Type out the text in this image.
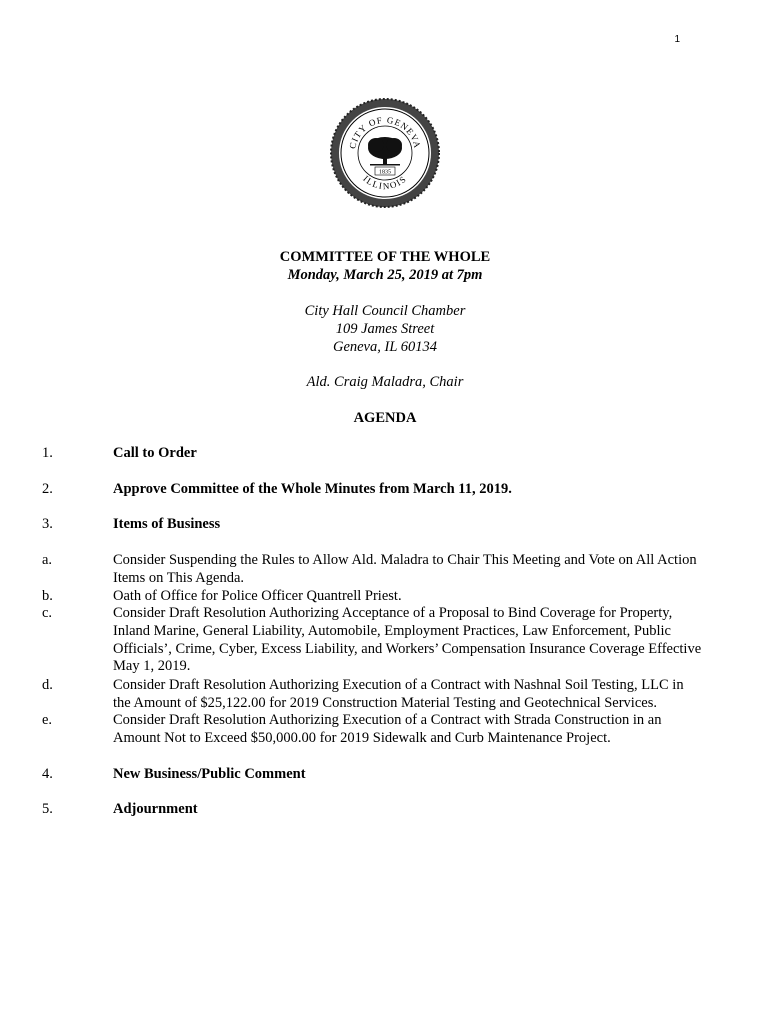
1
CITY OF GENEVA
ILLINOIS
1835
COMMITTEE OF THE WHOLE
Monday, March 25, 2019 at 7pm
City Hall Council Chamber
109 James Street
Geneva, IL 60134
Ald. Craig Maladra, Chair
AGENDA
1.	Call to Order
2.	Approve Committee of the Whole Minutes from March 11, 2019.
3.	Items of Business
a.	Consider Suspending the Rules to Allow Ald. Maladra to Chair This Meeting and Vote on All Action Items on This Agenda.
b.	Oath of Office for Police Officer Quantrell Priest.
c.	Consider Draft Resolution Authorizing Acceptance of a Proposal to Bind Coverage for Property, Inland Marine, General Liability, Automobile, Employment Practices, Law Enforcement, Public Officials’, Crime, Cyber, Excess Liability, and Workers’ Compensation Insurance Coverage Effective May 1, 2019.
d.	Consider Draft Resolution Authorizing Execution of a Contract with Nashnal Soil Testing, LLC in the Amount of $25,122.00 for 2019 Construction Material Testing and Geotechnical Services.
e.	Consider Draft Resolution Authorizing Execution of a Contract with Strada Construction in an Amount Not to Exceed $50,000.00 for 2019 Sidewalk and Curb Maintenance Project.
4.	New Business/Public Comment
5.	Adjournment
